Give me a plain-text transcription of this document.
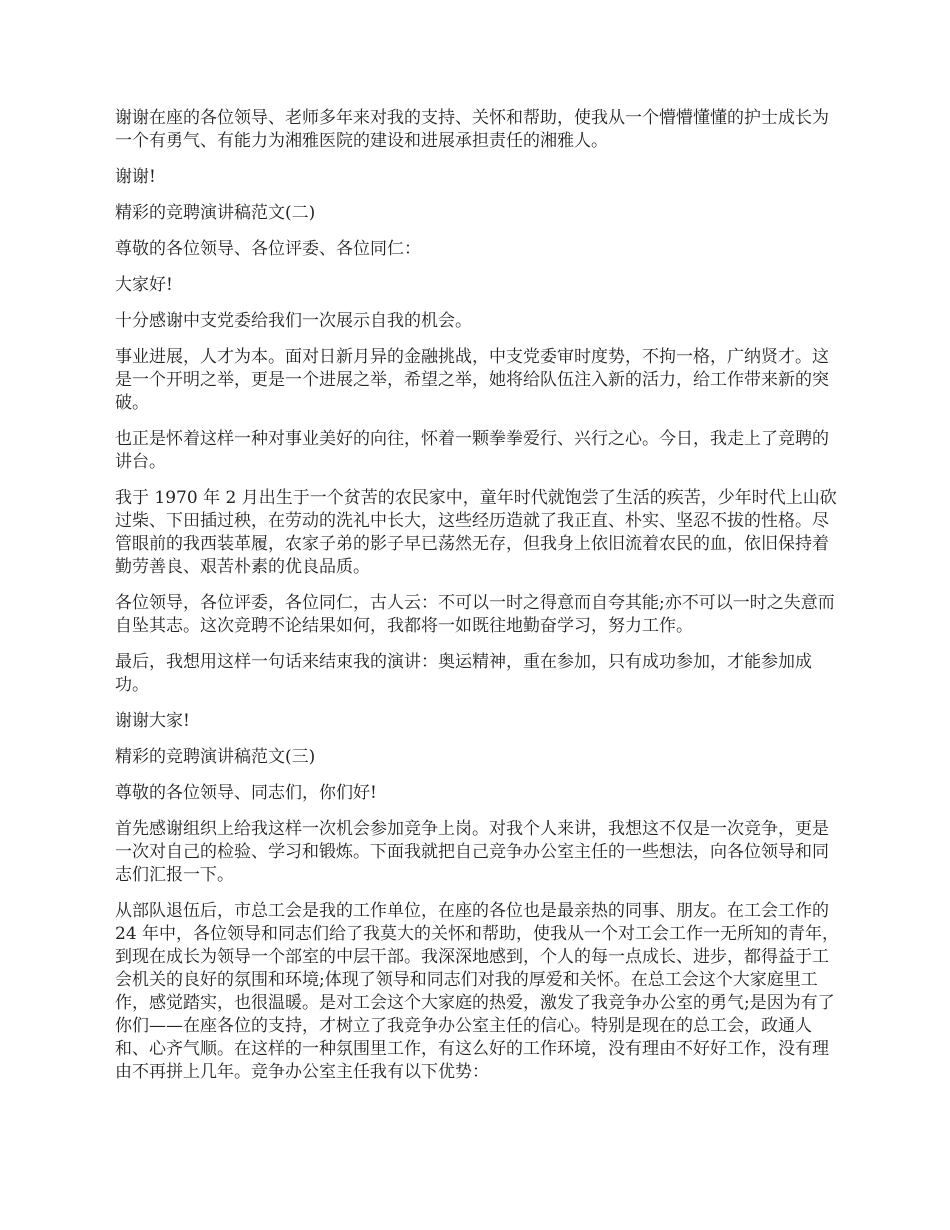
谢谢在座的各位领导、老师多年来对我的支持、关怀和帮助，使我从一个懵懵懂懂的护士成长为一个有勇气、有能力为湘雅医院的建设和进展承担责任的湘雅人。

谢谢!

精彩的竞聘演讲稿范文(二)

尊敬的各位领导、各位评委、各位同仁：

大家好!

十分感谢中支党委给我们一次展示自我的机会。

事业进展，人才为本。面对日新月异的金融挑战，中支党委审时度势，不拘一格，广纳贤才。这是一个开明之举，更是一个进展之举，希望之举，她将给队伍注入新的活力，给工作带来新的突破。

也正是怀着这样一种对事业美好的向往，怀着一颗拳拳爱行、兴行之心。今日，我走上了竞聘的讲台。

我于 1970 年 2 月出生于一个贫苦的农民家中，童年时代就饱尝了生活的疾苦，少年时代上山砍过柴、下田插过秧，在劳动的洗礼中长大，这些经历造就了我正直、朴实、坚忍不拔的性格。尽管眼前的我西装革履，农家子弟的影子早已荡然无存，但我身上依旧流着农民的血，依旧保持着勤劳善良、艰苦朴素的优良品质。

各位领导，各位评委，各位同仁，古人云：不可以一时之得意而自夸其能;亦不可以一时之失意而自坠其志。这次竞聘不论结果如何，我都将一如既往地勤奋学习，努力工作。

最后，我想用这样一句话来结束我的演讲：奥运精神，重在参加，只有成功参加，才能参加成功。

谢谢大家!

精彩的竞聘演讲稿范文(三)

尊敬的各位领导、同志们，你们好!

首先感谢组织上给我这样一次机会参加竞争上岗。对我个人来讲，我想这不仅是一次竞争，更是一次对自己的检验、学习和锻炼。下面我就把自己竞争办公室主任的一些想法，向各位领导和同志们汇报一下。

从部队退伍后，市总工会是我的工作单位，在座的各位也是最亲热的同事、朋友。在工会工作的 24 年中，各位领导和同志们给了我莫大的关怀和帮助，使我从一个对工会工作一无所知的青年，到现在成长为领导一个部室的中层干部。我深深地感到，个人的每一点成长、进步，都得益于工会机关的良好的氛围和环境;体现了领导和同志们对我的厚爱和关怀。在总工会这个大家庭里工作，感觉踏实，也很温暖。是对工会这个大家庭的热爱，激发了我竞争办公室的勇气;是因为有了你们——在座各位的支持，才树立了我竞争办公室主任的信心。特别是现在的总工会，政通人和、心齐气顺。在这样的一种氛围里工作，有这么好的工作环境，没有理由不好好工作，没有理由不再拼上几年。竞争办公室主任我有以下优势：
